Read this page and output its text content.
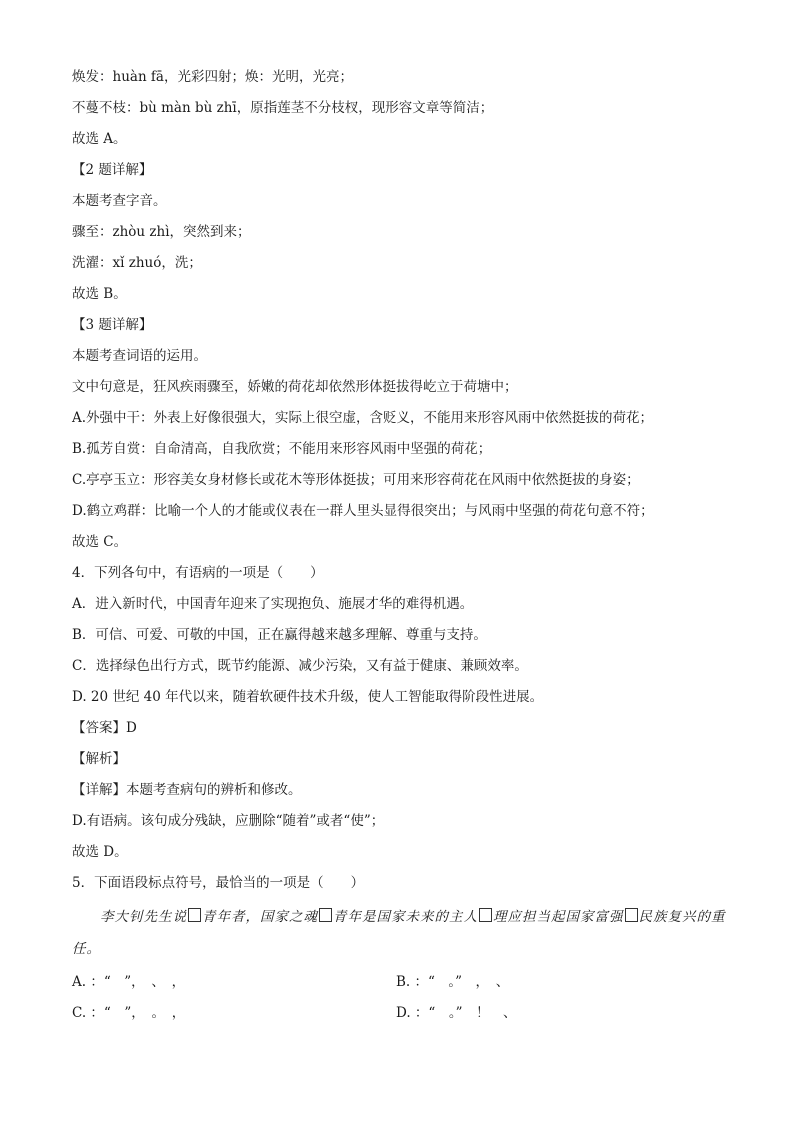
焕发：huàn fā，光彩四射；焕：光明，光亮；
不蔓不枝：bù màn bù zhī，原指莲茎不分枝杈，现形容文章等简洁；
故选 A。
【2 题详解】
本题考查字音。
骤至：zhòu zhì，突然到来；
洗濯：xǐ zhuó，洗；
故选 B。
【3 题详解】
本题考查词语的运用。
文中句意是，狂风疾雨骤至，娇嫩的荷花却依然形体挺拔得屹立于荷塘中；
A.外强中干：外表上好像很强大，实际上很空虚，含贬义，不能用来形容风雨中依然挺拔的荷花；
B.孤芳自赏：自命清高，自我欣赏；不能用来形容风雨中坚强的荷花；
C.亭亭玉立：形容美女身材修长或花木等形体挺拔；可用来形容荷花在风雨中依然挺拔的身姿；
D.鹤立鸡群：比喻一个人的才能或仪表在一群人里头显得很突出；与风雨中坚强的荷花句意不符；
故选 C。
4．下列各句中，有语病的一项是（　　）
A．进入新时代，中国青年迎来了实现抱负、施展才华的难得机遇。
B．可信、可爱、可敬的中国，正在赢得越来越多理解、尊重与支持。
C．选择绿色出行方式，既节约能源、减少污染，又有益于健康、兼顾效率。
D. 20 世纪 40 年代以来，随着软硬件技术升级，使人工智能取得阶段性进展。
【答案】D
【解析】
【详解】本题考查病句的辨析和修改。
D.有语病。该句成分残缺，应删除“随着”或者“使”；
故选 D。
5．下面语段标点符号，最恰当的一项是（　　）
李大钊先生说 青年者，国家之魂 青年是国家未来的主人 理应担当起国家富强 民族复兴的重
任。
A. ：“　”，　、　，	B. ：“　。”　，　、
C. ：“　”，　。　，	D. ：“　。”　！　、
